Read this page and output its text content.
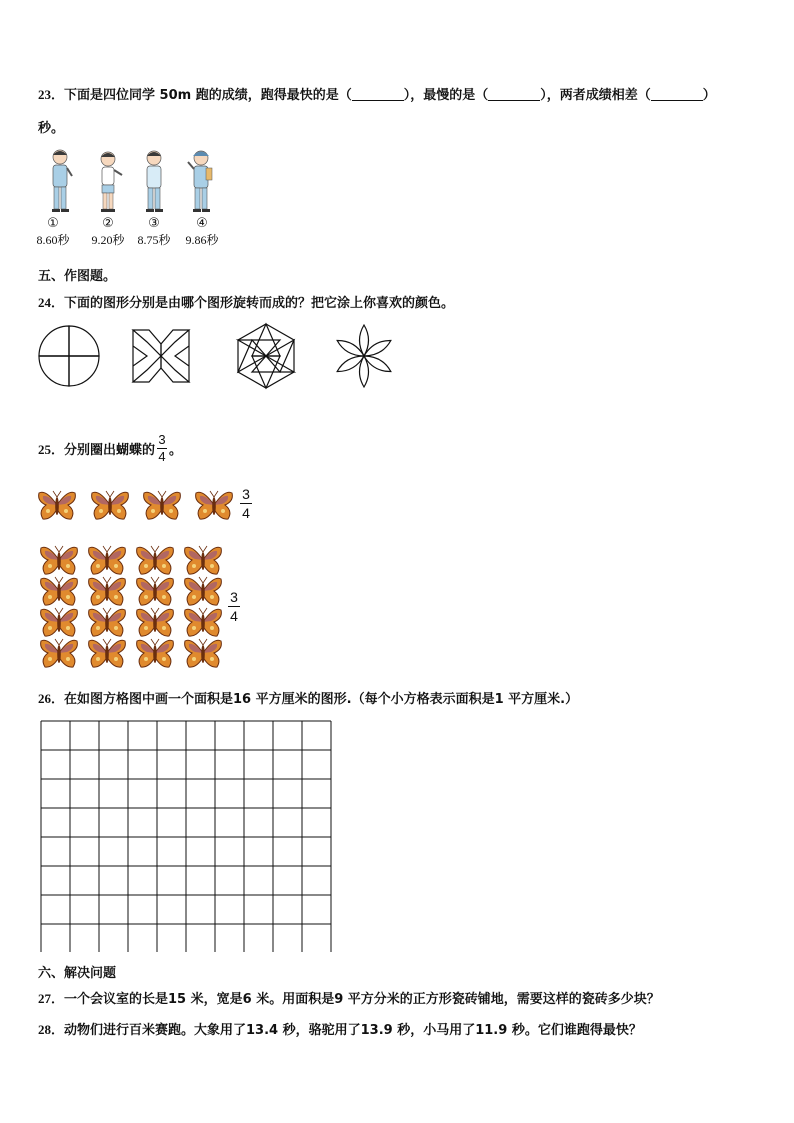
23．下面是四位同学 50m 跑的成绩，跑得最快的是（	），最慢的是（	），两者成绩相差（	）
秒。
①	②	③	④
8.60秒	9.20秒	8.75秒	9.86秒
五、作图题。
24．下面的图形分别是由哪个图形旋转而成的？把它涂上你喜欢的颜色。
25． 分别圈出蝴蝶的 $\frac{3}{4}$ 。
3
4
3
4
26．在如图方格图中画一个面积是16 平方厘米的图形.（每个小方格表示面积是1 平方厘米.）
六、解决问题
27．一个会议室的长是15 米，宽是6 米。用面积是9 平方分米的正方形瓷砖铺地，需要这样的瓷砖多少块？
28．动物们进行百米赛跑。大象用了13.4 秒，骆驼用了13.9 秒，小马用了11.9 秒。它们谁跑得最快？
